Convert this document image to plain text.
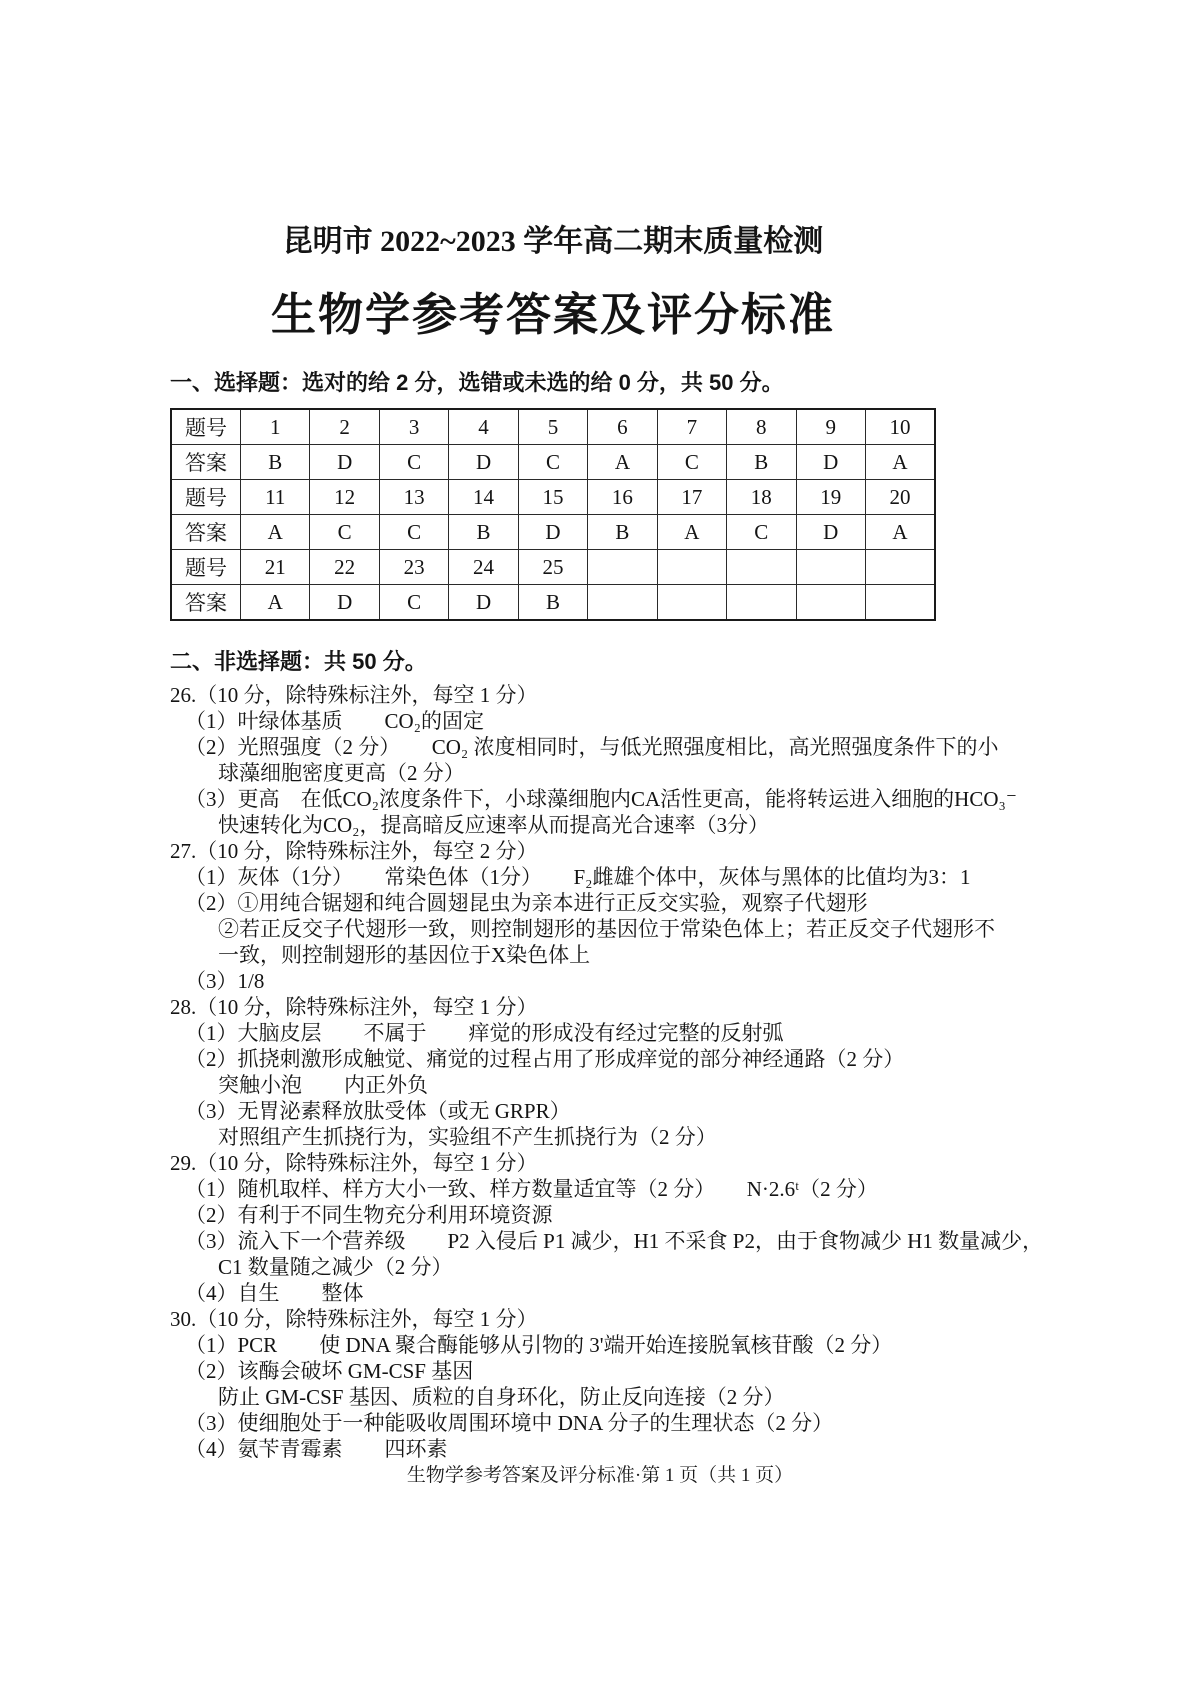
昆明市 2022~2023 学年高二期末质量检测
生物学参考答案及评分标准
一、选择题：选对的给 2 分，选错或未选的给 0 分，共 50 分。
题号	1	2	3	4	5	6	7	8	9	10
答案	B	D	C	D	C	A	C	B	D	A
题号	11	12	13	14	15	16	17	18	19	20
答案	A	C	C	B	D	B	A	C	D	A
题号	21	22	23	24	25					
答案	A	D	C	D	B					
二、非选择题：共 50 分。
26.（10 分，除特殊标注外，每空 1 分）
（1）叶绿体基质　　CO₂的固定
（2）光照强度（2 分）　　CO₂ 浓度相同时，与低光照强度相比，高光照强度条件下的小
球藻细胞密度更高（2 分）
（3）更高　在低CO₂浓度条件下，小球藻细胞内CA活性更高，能将转运进入细胞的HCO₃⁻
快速转化为CO₂，提高暗反应速率从而提高光合速率（3分）
27.（10 分，除特殊标注外，每空 2 分）
（1）灰体（1分）　　常染色体（1分）　　F₂雌雄个体中，灰体与黑体的比值均为3：1
（2）①用纯合锯翅和纯合圆翅昆虫为亲本进行正反交实验，观察子代翅形
②若正反交子代翅形一致，则控制翅形的基因位于常染色体上；若正反交子代翅形不
一致，则控制翅形的基因位于X染色体上
（3）1/8
28.（10 分，除特殊标注外，每空 1 分）
（1）大脑皮层　　不属于　　痒觉的形成没有经过完整的反射弧
（2）抓挠刺激形成触觉、痛觉的过程占用了形成痒觉的部分神经通路（2 分）
突触小泡　　内正外负
（3）无胃泌素释放肽受体（或无 GRPR）
对照组产生抓挠行为，实验组不产生抓挠行为（2 分）
29.（10 分，除特殊标注外，每空 1 分）
（1）随机取样、样方大小一致、样方数量适宜等（2 分）　　N·2.6ᵗ（2 分）
（2）有利于不同生物充分利用环境资源
（3）流入下一个营养级　　P2 入侵后 P1 减少，H1 不采食 P2，由于食物减少 H1 数量减少，
C1 数量随之减少（2 分）
（4）自生　　整体
30.（10 分，除特殊标注外，每空 1 分）
（1）PCR　　使 DNA 聚合酶能够从引物的 3'端开始连接脱氧核苷酸（2 分）
（2）该酶会破坏 GM-CSF 基因
防止 GM-CSF 基因、质粒的自身环化，防止反向连接（2 分）
（3）使细胞处于一种能吸收周围环境中 DNA 分子的生理状态（2 分）
（4）氨苄青霉素　　四环素
生物学参考答案及评分标准·第 1 页（共 1 页）
